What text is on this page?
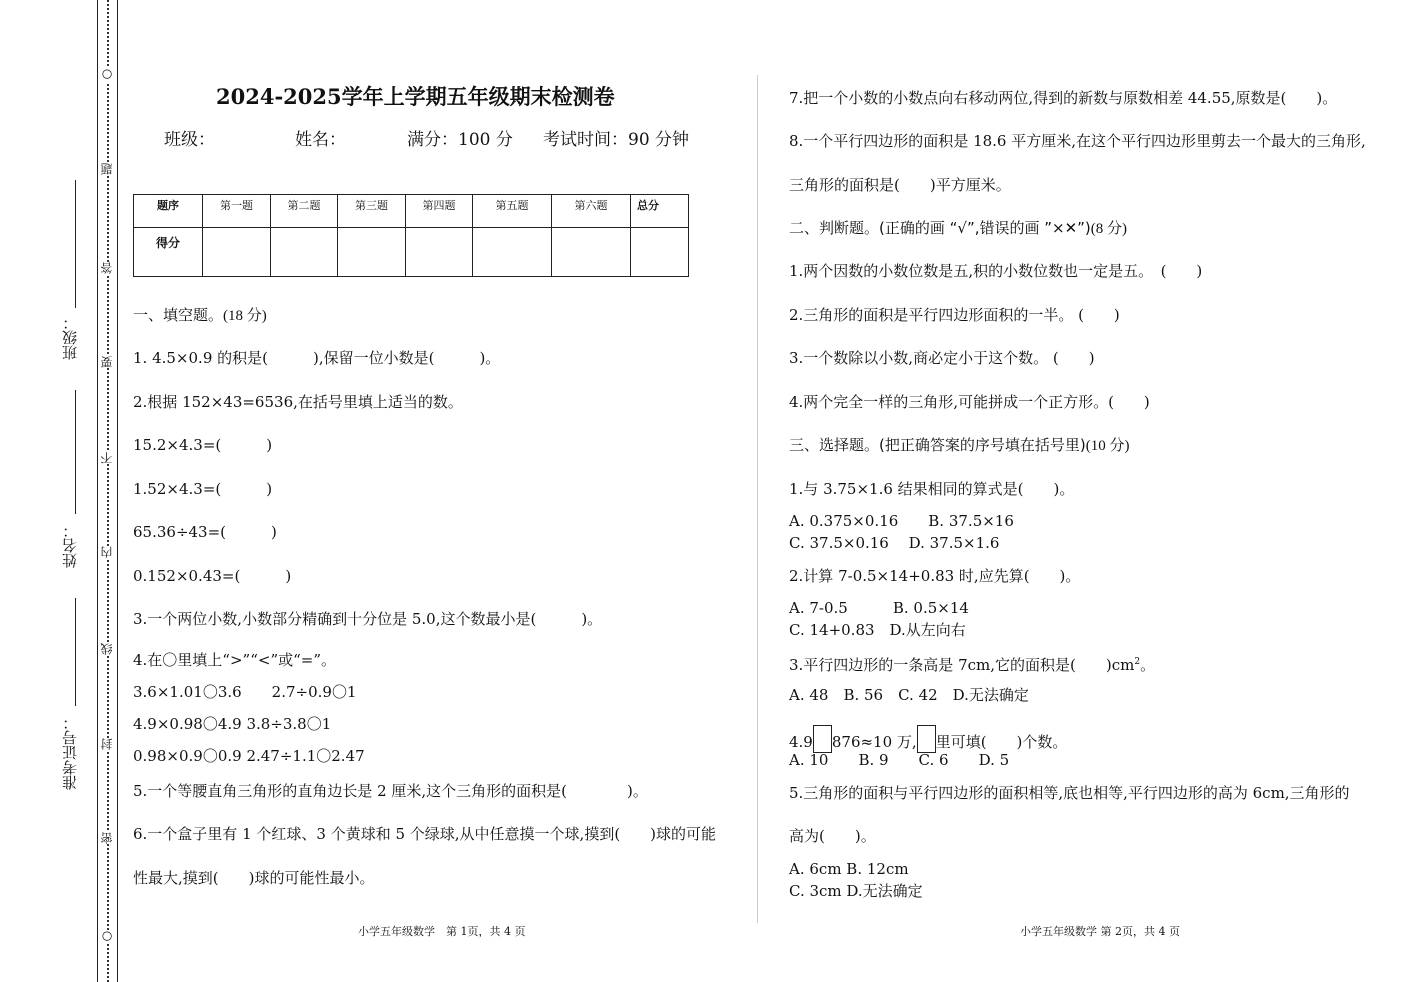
○
题
答
要
不
内
线
封
密
○
班级：
姓名：
准考证号：
2024-2025学年上学期五年级期末检测卷
班级：	姓名：	满分：100 分 考试时间：90 分钟
题序	第一题	第二题	第三题	第四题	第五题	第六题	总分
得分							
一、填空题。(18 分)
1. 4.5×0.9 的积是(　　　),保留一位小数是(　　　)。
2.根据 152×43=6536,在括号里填上适当的数。
15.2×4.3=(　　　)
1.52×4.3=(　　　)
65.36÷43=(　　　)
0.152×0.43=(　　　)
3.一个两位小数,小数部分精确到十分位是 5.0,这个数最小是(　　　)。
4.在〇里填上“>”“<”或“=”。
3.6×1.01〇3.6　　2.7÷0.9〇1
4.9×0.98〇4.9 3.8÷3.8〇1
0.98×0.9〇0.9 2.47÷1.1〇2.47
5.一个等腰直角三角形的直角边长是 2 厘米,这个三角形的面积是(　　　　)。
6.一个盒子里有 1 个红球、3 个黄球和 5 个绿球,从中任意摸一个球,摸到(　　)球的可能
性最大,摸到(　　)球的可能性最小。
小学五年级数学　第 1页，共 4 页
7.把一个小数的小数点向右移动两位,得到的新数与原数相差 44.55,原数是(　　)。
8.一个平行四边形的面积是 18.6 平方厘米,在这个平行四边形里剪去一个最大的三角形,
三角形的面积是(　　)平方厘米。
二、判断题。(正确的画 “√”,错误的画 ”×✕”)(8 分)
1.两个因数的小数位数是五,积的小数位数也一定是五。　(　　)
2.三角形的面积是平行四边形面积的一半。 (　　)
3.一个数除以小数,商必定小于这个数。 (　　)
4.两个完全一样的三角形,可能拼成一个正方形。(　　)
三、选择题。(把正确答案的序号填在括号里)(10 分)
1.与 3.75×1.6 结果相同的算式是(　　)。
A. 0.375×0.16　　B. 37.5×16
C. 37.5×0.16　 D. 37.5×1.6
2.计算 7-0.5×14+0.83 时,应先算(　　)。
A. 7-0.5　　　B. 0.5×14
C. 14+0.83　D.从左向右
3.平行四边形的一条高是 7cm,它的面积是(　　)$cm^2$。
A. 48　B. 56　C. 42　D.无法确定
4.9 876≈10 万, 里可填(　　)个数。
A. 10　　B. 9　　C. 6　　D. 5
5.三角形的面积与平行四边形的面积相等,底也相等,平行四边形的高为 6cm,三角形的
高为(　　)。
A. 6cm B. 12cm
C. 3cm D.无法确定
小学五年级数学 第 2页，共 4 页
